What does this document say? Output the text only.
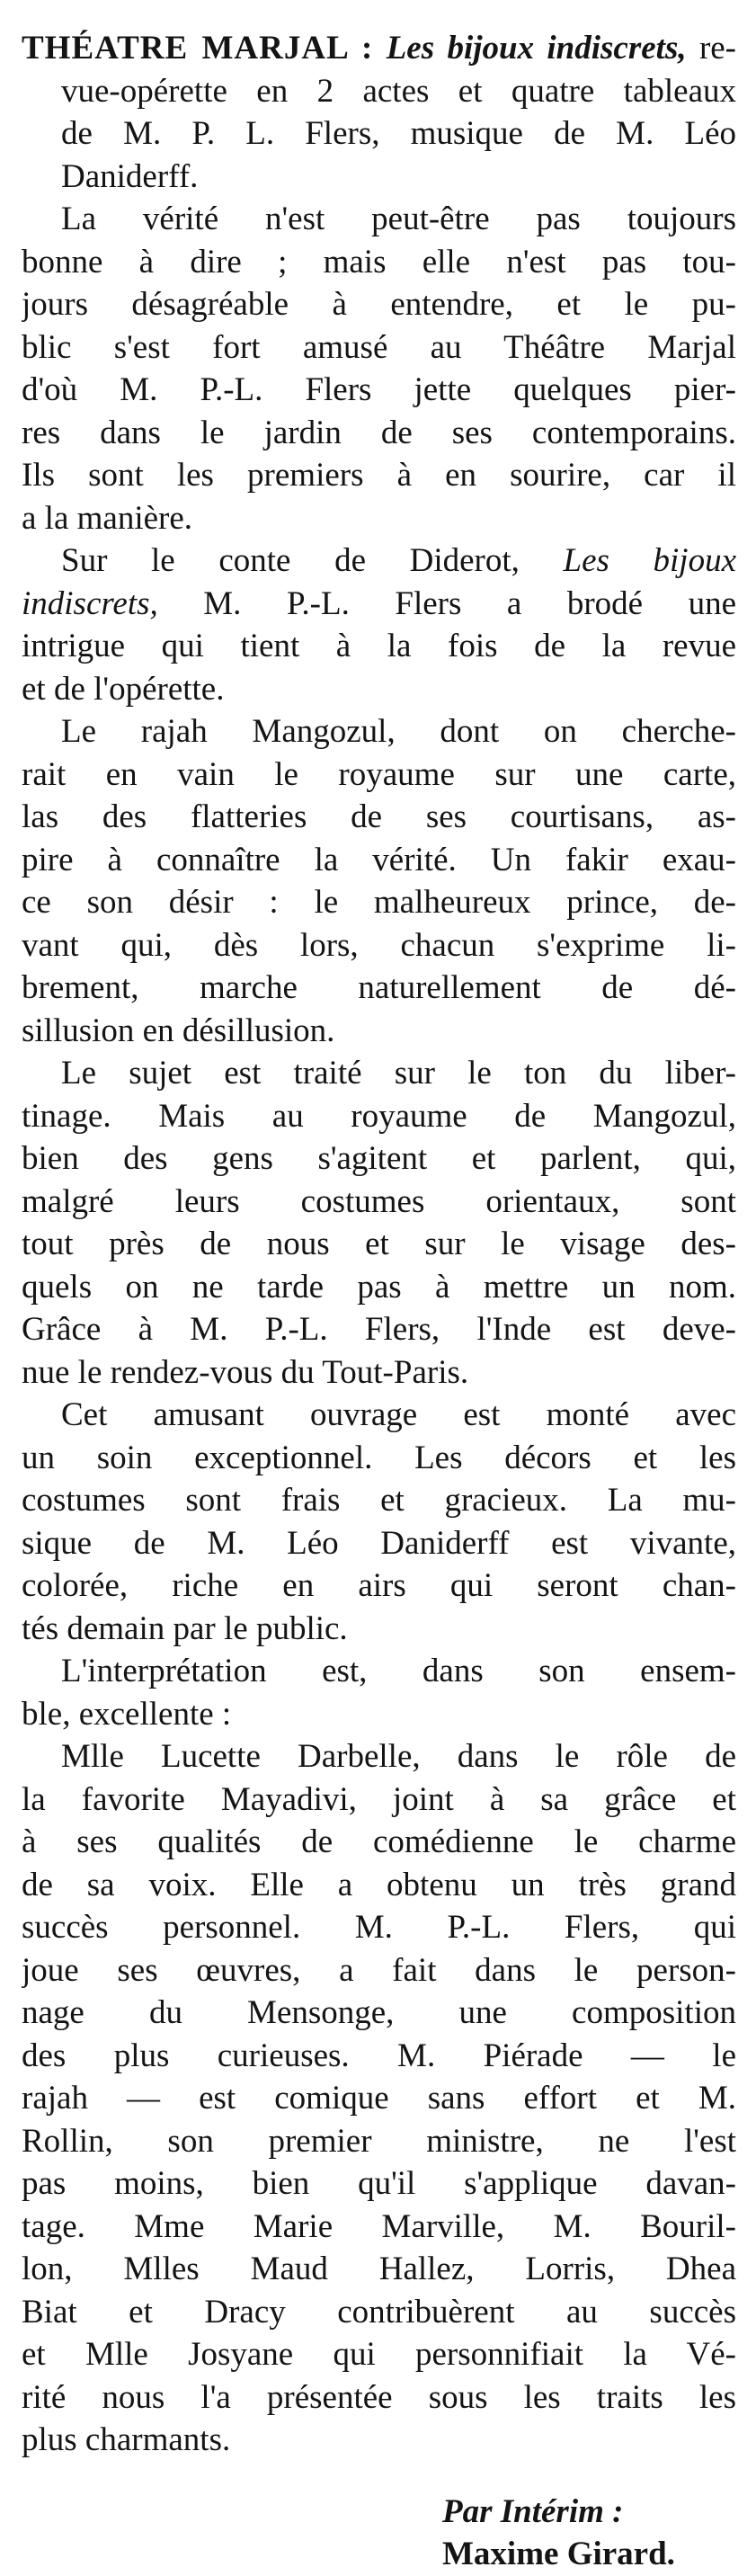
THÉATRE MARJAL : Les bijoux indiscrets, re-
vue-opérette en 2 actes et quatre tableaux
de M. P. L. Flers, musique de M. Léo
Daniderff.
La vérité n'est peut-être pas toujours
bonne à dire ; mais elle n'est pas tou-
jours désagréable à entendre, et le pu-
blic s'est fort amusé au Théâtre Marjal
d'où M. P.-L. Flers jette quelques pier-
res dans le jardin de ses contemporains.
Ils sont les premiers à en sourire, car il
a la manière.
Sur le conte de Diderot, Les bijoux
indiscrets, M. P.-L. Flers a brodé une
intrigue qui tient à la fois de la revue
et de l'opérette.
Le rajah Mangozul, dont on cherche-
rait en vain le royaume sur une carte,
las des flatteries de ses courtisans, as-
pire à connaître la vérité. Un fakir exau-
ce son désir : le malheureux prince, de-
vant qui, dès lors, chacun s'exprime li-
brement, marche naturellement de dé-
sillusion en désillusion.
Le sujet est traité sur le ton du liber-
tinage. Mais au royaume de Mangozul,
bien des gens s'agitent et parlent, qui,
malgré leurs costumes orientaux, sont
tout près de nous et sur le visage des-
quels on ne tarde pas à mettre un nom.
Grâce à M. P.-L. Flers, l'Inde est deve-
nue le rendez-vous du Tout-Paris.
Cet amusant ouvrage est monté avec
un soin exceptionnel. Les décors et les
costumes sont frais et gracieux. La mu-
sique de M. Léo Daniderff est vivante,
colorée, riche en airs qui seront chan-
tés demain par le public.
L'interprétation est, dans son ensem-
ble, excellente :
Mlle Lucette Darbelle, dans le rôle de
la favorite Mayadivi, joint à sa grâce et
à ses qualités de comédienne le charme
de sa voix. Elle a obtenu un très grand
succès personnel. M. P.-L. Flers, qui
joue ses œuvres, a fait dans le person-
nage du Mensonge, une composition
des plus curieuses. M. Piérade — le
rajah — est comique sans effort et M.
Rollin, son premier ministre, ne l'est
pas moins, bien qu'il s'applique davan-
tage. Mme Marie Marville, M. Bouril-
lon, Mlles Maud Hallez, Lorris, Dhea
Biat et Dracy contribuèrent au succès
et Mlle Josyane qui personnifiait la Vé-
rité nous l'a présentée sous les traits les
plus charmants.
Par Intérim :
Maxime Girard.
